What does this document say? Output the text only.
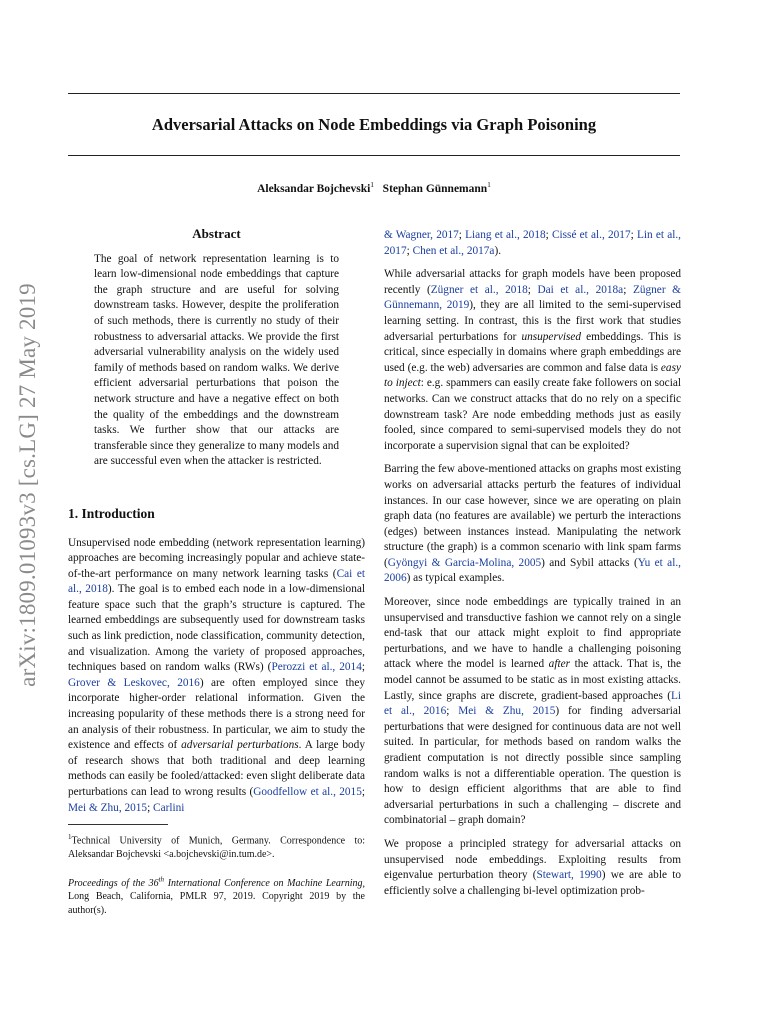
Adversarial Attacks on Node Embeddings via Graph Poisoning
Aleksandar Bojchevski$^1$ Stephan Günnemann$^1$
arXiv:1809.01093v3 [cs.LG] 27 May 2019
Abstract

The goal of network representation learning is to learn low-dimensional node embeddings that capture the graph structure and are useful for solving downstream tasks. However, despite the proliferation of such methods, there is currently no study of their robustness to adversarial attacks. We provide the first adversarial vulnerability analysis on the widely used family of methods based on random walks. We derive efficient adversarial perturbations that poison the network structure and have a negative effect on both the quality of the embeddings and the downstream tasks. We further show that our attacks are transferable since they generalize to many models and are successful even when the attacker is restricted.

1. Introduction

Unsupervised node embedding (network representation learning) approaches are becoming increasingly popular and achieve state-of-the-art performance on many network learning tasks (Cai et al., 2018). The goal is to embed each node in a low-dimensional feature space such that the graph’s structure is captured. The learned embeddings are subsequently used for downstream tasks such as link prediction, node classification, community detection, and visualization. Among the variety of proposed approaches, techniques based on random walks (RWs) (Perozzi et al., 2014; Grover & Leskovec, 2016) are often employed since they incorporate higher-order relational information. Given the increasing popularity of these methods there is a strong need for an analysis of their robustness. In particular, we aim to study the existence and effects of adversarial perturbations. A large body of research shows that both traditional and deep learning methods can easily be fooled/attacked: even slight deliberate data perturbations can lead to wrong results (Goodfellow et al., 2015; Mei & Zhu, 2015; Carlini

$^1$Technical University of Munich, Germany. Correspondence to: Aleksandar Bojchevski <a.bojchevski@in.tum.de>.

Proceedings of the 36th International Conference on Machine Learning, Long Beach, California, PMLR 97, 2019. Copyright 2019 by the author(s).

& Wagner, 2017; Liang et al., 2018; Cissé et al., 2017; Lin et al., 2017; Chen et al., 2017a).

While adversarial attacks for graph models have been proposed recently (Zügner et al., 2018; Dai et al., 2018a; Zügner & Günnemann, 2019), they are all limited to the semi-supervised learning setting. In contrast, this is the first work that studies adversarial perturbations for unsupervised embeddings. This is critical, since especially in domains where graph embeddings are used (e.g. the web) adversaries are common and false data is easy to inject: e.g. spammers can easily create fake followers on social networks. Can we construct attacks that do no rely on a specific downstream task? Are node embedding methods just as easily fooled, since compared to semi-supervised models they do not incorporate a supervision signal that can be exploited?

Barring the few above-mentioned attacks on graphs most existing works on adversarial attacks perturb the features of individual instances. In our case however, since we are operating on plain graph data (no features are available) we perturb the interactions (edges) between instances instead. Manipulating the network structure (the graph) is a common scenario with link spam farms (Gyöngyi & Garcia-Molina, 2005) and Sybil attacks (Yu et al., 2006) as typical examples.

Moreover, since node embeddings are typically trained in an unsupervised and transductive fashion we cannot rely on a single end-task that our attack might exploit to find appropriate perturbations, and we have to handle a challenging poisoning attack where the model is learned after the attack. That is, the model cannot be assumed to be static as in most existing attacks. Lastly, since graphs are discrete, gradient-based approaches (Li et al., 2016; Mei & Zhu, 2015) for finding adversarial perturbations that were designed for continuous data are not well suited. In particular, for methods based on random walks the gradient computation is not directly possible since sampling random walks is not a differentiable operation. The question is how to design efficient algorithms that are able to find adversarial perturbations in such a challenging – discrete and combinatorial – graph domain?

We propose a principled strategy for adversarial attacks on unsupervised node embeddings. Exploiting results from eigenvalue perturbation theory (Stewart, 1990) we are able to efficiently solve a challenging bi-level optimization prob-
